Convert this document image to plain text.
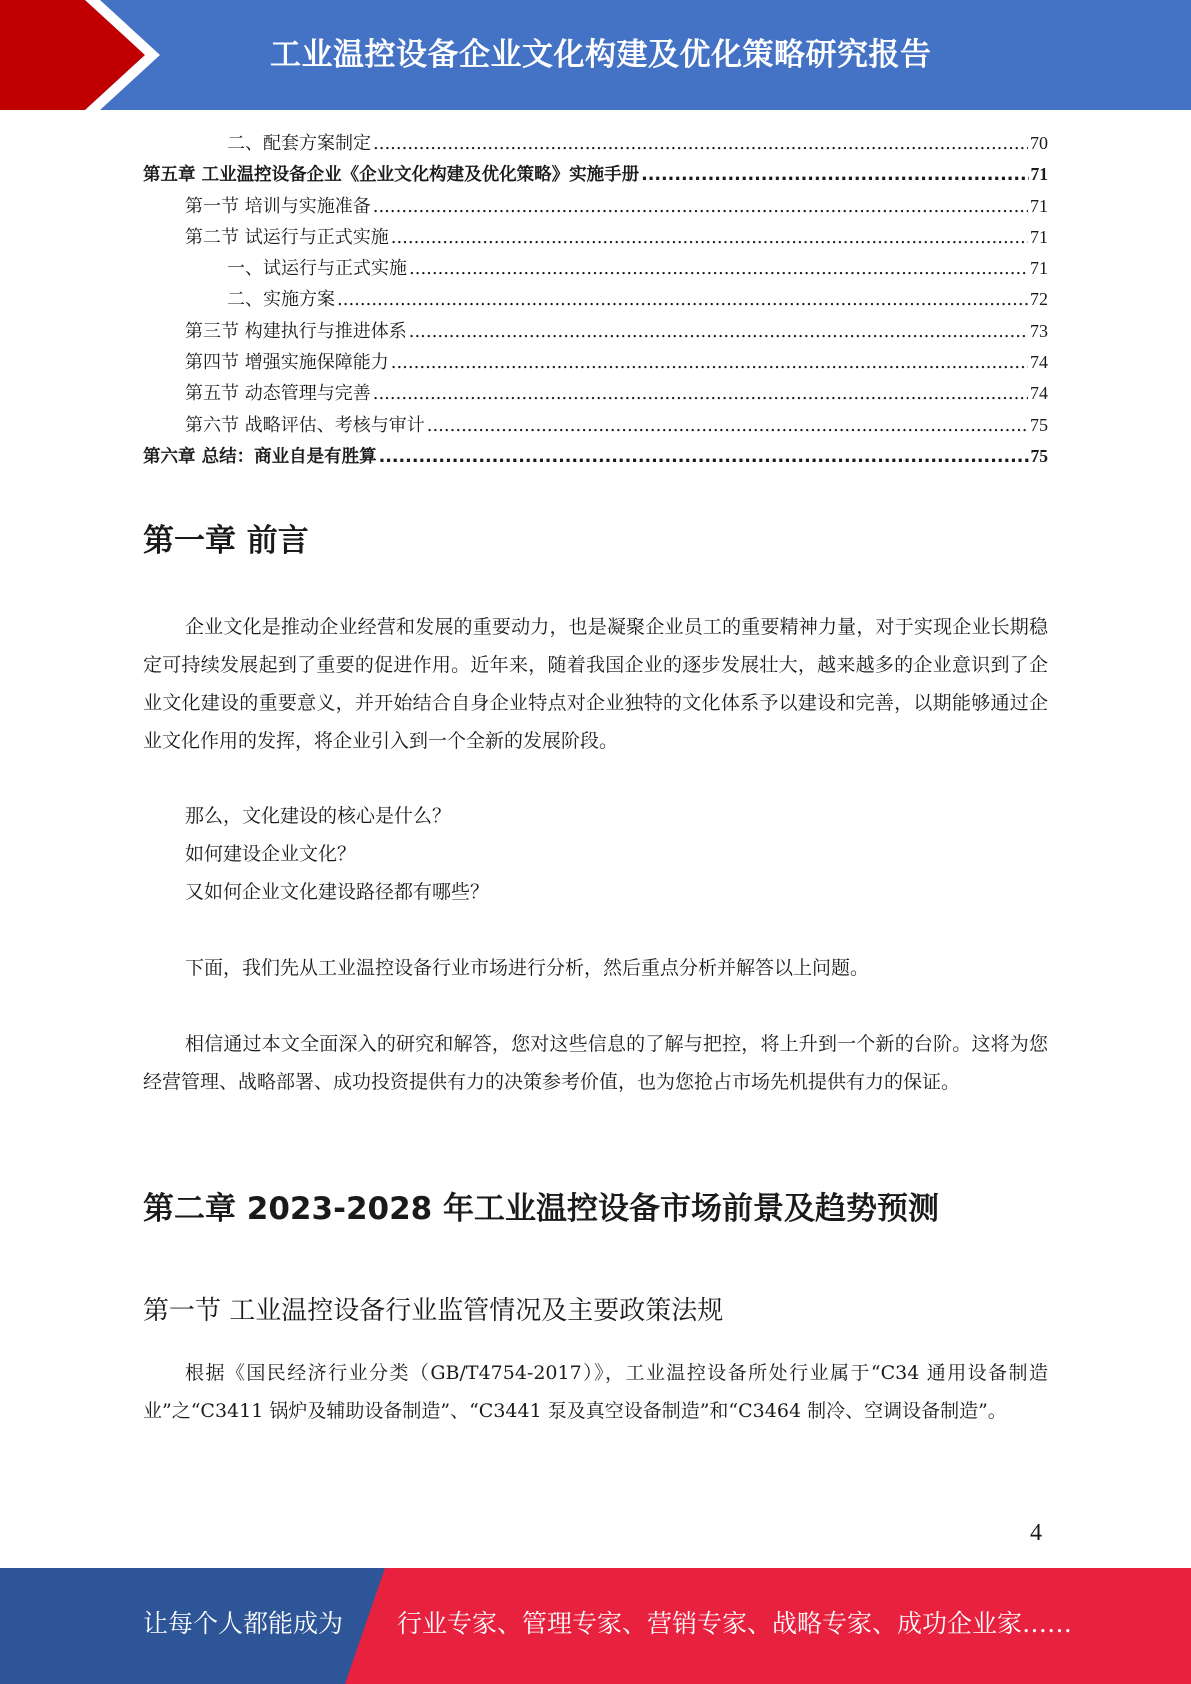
工业温控设备企业文化构建及优化策略研究报告
二、配套方案制定 .....	70
第五章 工业温控设备企业《企业文化构建及优化策略》实施手册 .....	71
第一节 培训与实施准备 .....	71
第二节 试运行与正式实施 .....	71
一、试运行与正式实施 .....	71
二、实施方案 .....	72
第三节 构建执行与推进体系 .....	73
第四节 增强实施保障能力 .....	74
第五节 动态管理与完善 .....	74
第六节 战略评估、考核与审计 .....	75
第六章 总结：商业自是有胜算 .....	75
第一章 前言
企业文化是推动企业经营和发展的重要动力，也是凝聚企业员工的重要精神力量，对于实现企业长期稳定可持续发展起到了重要的促进作用。近年来，随着我国企业的逐步发展壮大，越来越多的企业意识到了企业文化建设的重要意义，并开始结合自身企业特点对企业独特的文化体系予以建设和完善，以期能够通过企业文化作用的发挥，将企业引入到一个全新的发展阶段。
那么，文化建设的核心是什么？
如何建设企业文化？
又如何企业文化建设路径都有哪些？
下面，我们先从工业温控设备行业市场进行分析，然后重点分析并解答以上问题。
相信通过本文全面深入的研究和解答，您对这些信息的了解与把控，将上升到一个新的台阶。这将为您经营管理、战略部署、成功投资提供有力的决策参考价值，也为您抢占市场先机提供有力的保证。
第二章 2023-2028 年工业温控设备市场前景及趋势预测
第一节 工业温控设备行业监管情况及主要政策法规
根据《国民经济行业分类（GB/T4754-2017）》，工业温控设备所处行业属于“C34 通用设备制造业”之“C3411 锅炉及辅助设备制造”、“C3441 泵及真空设备制造”和“C3464 制冷、空调设备制造”。
4
让每个人都能成为 行业专家、管理专家、营销专家、战略专家、成功企业家……
